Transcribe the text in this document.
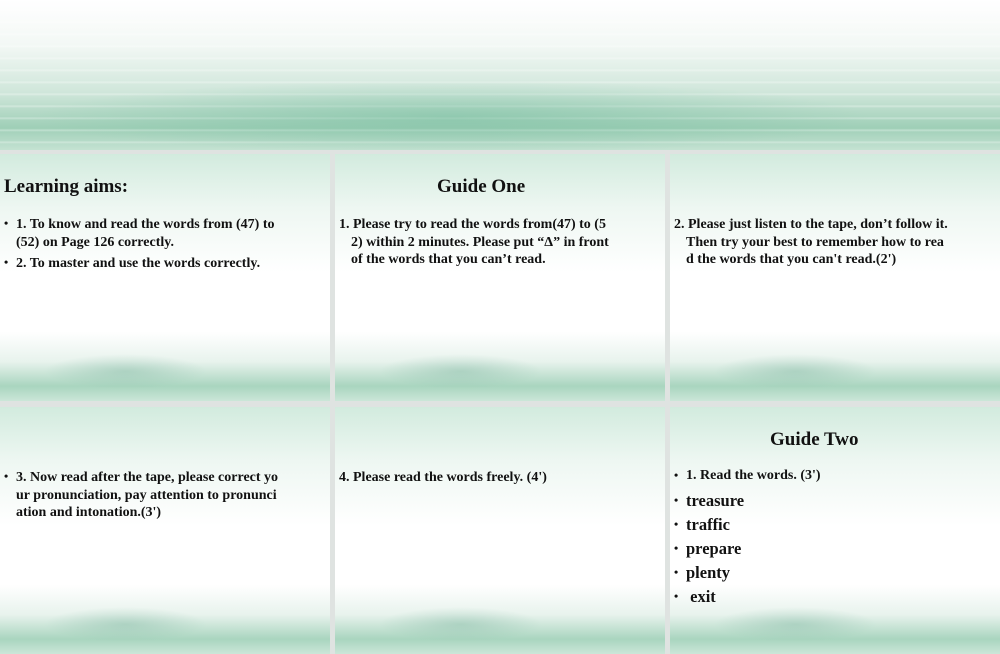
Learning aims:
• 1. To know and read the words from (47) to
(52) on Page 126 correctly.
• 2. To master and use the words correctly.
Guide One

1. Please try to read the words from(47) to (5
2) within 2 minutes. Please put “Δ” in front
of the words that you can’t read.

2. Please just listen to the tape, don’t follow it.
Then try your best to remember how to rea
d the words that you can't read.(2')

• 3. Now read after the tape, please correct yo
ur pronunciation, pay attention to pronunci
ation and intonation.(3')

4. Please read the words freely. (4')

Guide Two
• 1. Read the words. (3')
• treasure
• traffic
• prepare
• plenty
•  exit
